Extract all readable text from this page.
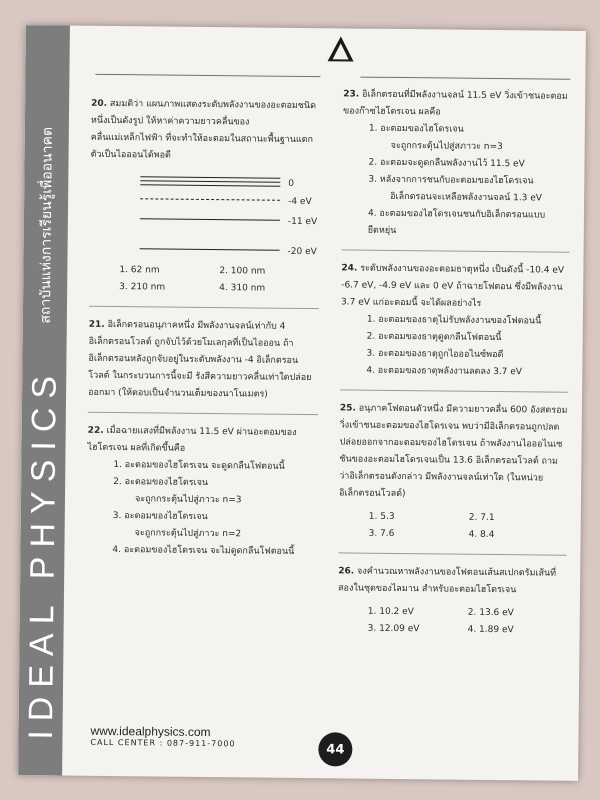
IDEAL PHYSICS
สถาบันแห่งการเรียนรู้เพื่ออนาคต
20. สมมติว่า แผนภาพแสดงระดับพลังงานของอะตอมชนิดหนึ่งเป็นดังรูป ให้หาค่าความยาวคลื่นของคลื่นแม่เหล็กไฟฟ้า ที่จะทำให้อะตอมในสถานะพื้นฐานแตกตัวเป็นไอออนได้พอดี
0
-4 eV
-11 eV
-20 eV
1. 62 nm	2. 100 nm
3. 210 nm	4. 310 nm
21. อิเล็กตรอนอนุภาคหนึ่ง มีพลังงานจลน์เท่ากับ 4 อิเล็กตรอนโวลต์ ถูกจับไว้ด้วยโมเลกุลที่เป็นไอออน ถ้าอิเล็กตรอนหลังถูกจับอยู่ในระดับพลังงาน -4 อิเล็กตรอนโวลต์ ในกระบวนการนี้จะมี รังสีความยาวคลื่นเท่าใดปล่อยออกมา (ให้ตอบเป็นจำนวนเต็มของนาโนเมตร)
22. เมื่อฉายแสงที่มีพลังงาน 11.5 eV ผ่านอะตอมของไฮโดรเจน ผลที่เกิดขึ้นคือ
1. อะตอมของไฮโดรเจน จะดูดกลืนโฟตอนนี้
2. อะตอมของไฮโดรเจน
จะถูกกระตุ้นไปสู่ภาวะ n=3
3. อะตอมของไฮโดรเจน
จะถูกกระตุ้นไปสู่ภาวะ n=2
4. อะตอมของไฮโดรเจน จะไม่ดูดกลืนโฟตอนนี้
23. อิเล็กตรอนที่มีพลังงานจลน์ 11.5 eV วิ่งเข้าชนอะตอมของก๊าซไฮโดรเจน ผลคือ
1. อะตอมของไฮโดรเจน
จะถูกกระตุ้นไปสู่สภาวะ n=3
2. อะตอมจะดูดกลืนพลังงานไว้ 11.5 eV
3. หลังจากการชนกับอะตอมของไฮโดรเจน
อิเล็กตรอนจะเหลือพลังงานจลน์ 1.3 eV
4. อะตอมของไฮโดรเจนชนกับอิเล็กตรอนแบบยืดหยุ่น
24. ระดับพลังงานของอะตอมธาตุหนึ่ง เป็นดังนี้ -10.4 eV -6.7 eV, -4.9 eV และ 0 eV ถ้าฉายโฟตอน ซึ่งมีพลังงาน 3.7 eV แก่อะตอมนี้ จะได้ผลอย่างไร
1. อะตอมของธาตุไม่รับพลังงานของโฟตอนนี้
2. อะตอมของธาตุดูดกลืนโฟตอนนี้
3. อะตอมของธาตุถูกไอออไนซ์พอดี
4. อะตอมของธาตุพลังงานลดลง 3.7 eV
25. อนุภาคโฟตอนตัวหนึ่ง มีความยาวคลื่น 600 อังสตรอม วิ่งเข้าชนอะตอมของไฮโดรเจน พบว่ามีอิเล็กตรอนถูกปลดปล่อยออกจากอะตอมของไฮโดรเจน ถ้าพลังงานไอออไนเซชันของอะตอมไฮโดรเจนเป็น 13.6 อิเล็กตรอนโวลต์ ถามว่าอิเล็กตรอนดังกล่าว มีพลังงานจลน์เท่าใด (ในหน่วยอิเล็กตรอนโวลต์)
1. 5.3	2. 7.1
3. 7.6	4. 8.4
26. จงคำนวณหาพลังงานของโฟตอนเส้นสเปกตรัมเส้นที่สองในชุดของไลมาน สำหรับอะตอมไฮโดรเจน
1. 10.2 eV	2. 13.6 eV
3. 12.09 eV	4. 1.89 eV
www.idealphysics.com
CALL CENTER : 087-911-7000	44
